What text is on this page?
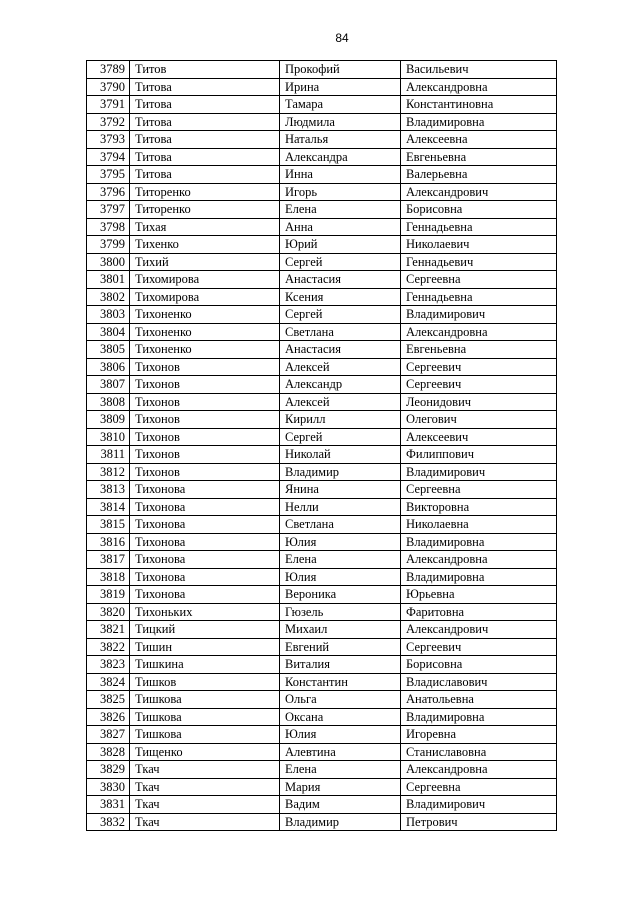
84
3789	Титов	Прокофий	Васильевич
3790	Титова	Ирина	Александровна
3791	Титова	Тамара	Константиновна
3792	Титова	Людмила	Владимировна
3793	Титова	Наталья	Алексеевна
3794	Титова	Александра	Евгеньевна
3795	Титова	Инна	Валерьевна
3796	Титоренко	Игорь	Александрович
3797	Титоренко	Елена	Борисовна
3798	Тихая	Анна	Геннадьевна
3799	Тихенко	Юрий	Николаевич
3800	Тихий	Сергей	Геннадьевич
3801	Тихомирова	Анастасия	Сергеевна
3802	Тихомирова	Ксения	Геннадьевна
3803	Тихоненко	Сергей	Владимирович
3804	Тихоненко	Светлана	Александровна
3805	Тихоненко	Анастасия	Евгеньевна
3806	Тихонов	Алексей	Сергеевич
3807	Тихонов	Александр	Сергеевич
3808	Тихонов	Алексей	Леонидович
3809	Тихонов	Кирилл	Олегович
3810	Тихонов	Сергей	Алексеевич
3811	Тихонов	Николай	Филиппович
3812	Тихонов	Владимир	Владимирович
3813	Тихонова	Янина	Сергеевна
3814	Тихонова	Нелли	Викторовна
3815	Тихонова	Светлана	Николаевна
3816	Тихонова	Юлия	Владимировна
3817	Тихонова	Елена	Александровна
3818	Тихонова	Юлия	Владимировна
3819	Тихонова	Вероника	Юрьевна
3820	Тихоньких	Гюзель	Фаритовна
3821	Тицкий	Михаил	Александрович
3822	Тишин	Евгений	Сергеевич
3823	Тишкина	Виталия	Борисовна
3824	Тишков	Константин	Владиславович
3825	Тишкова	Ольга	Анатольевна
3826	Тишкова	Оксана	Владимировна
3827	Тишкова	Юлия	Игоревна
3828	Тищенко	Алевтина	Станиславовна
3829	Ткач	Елена	Александровна
3830	Ткач	Мария	Сергеевна
3831	Ткач	Вадим	Владимирович
3832	Ткач	Владимир	Петрович
